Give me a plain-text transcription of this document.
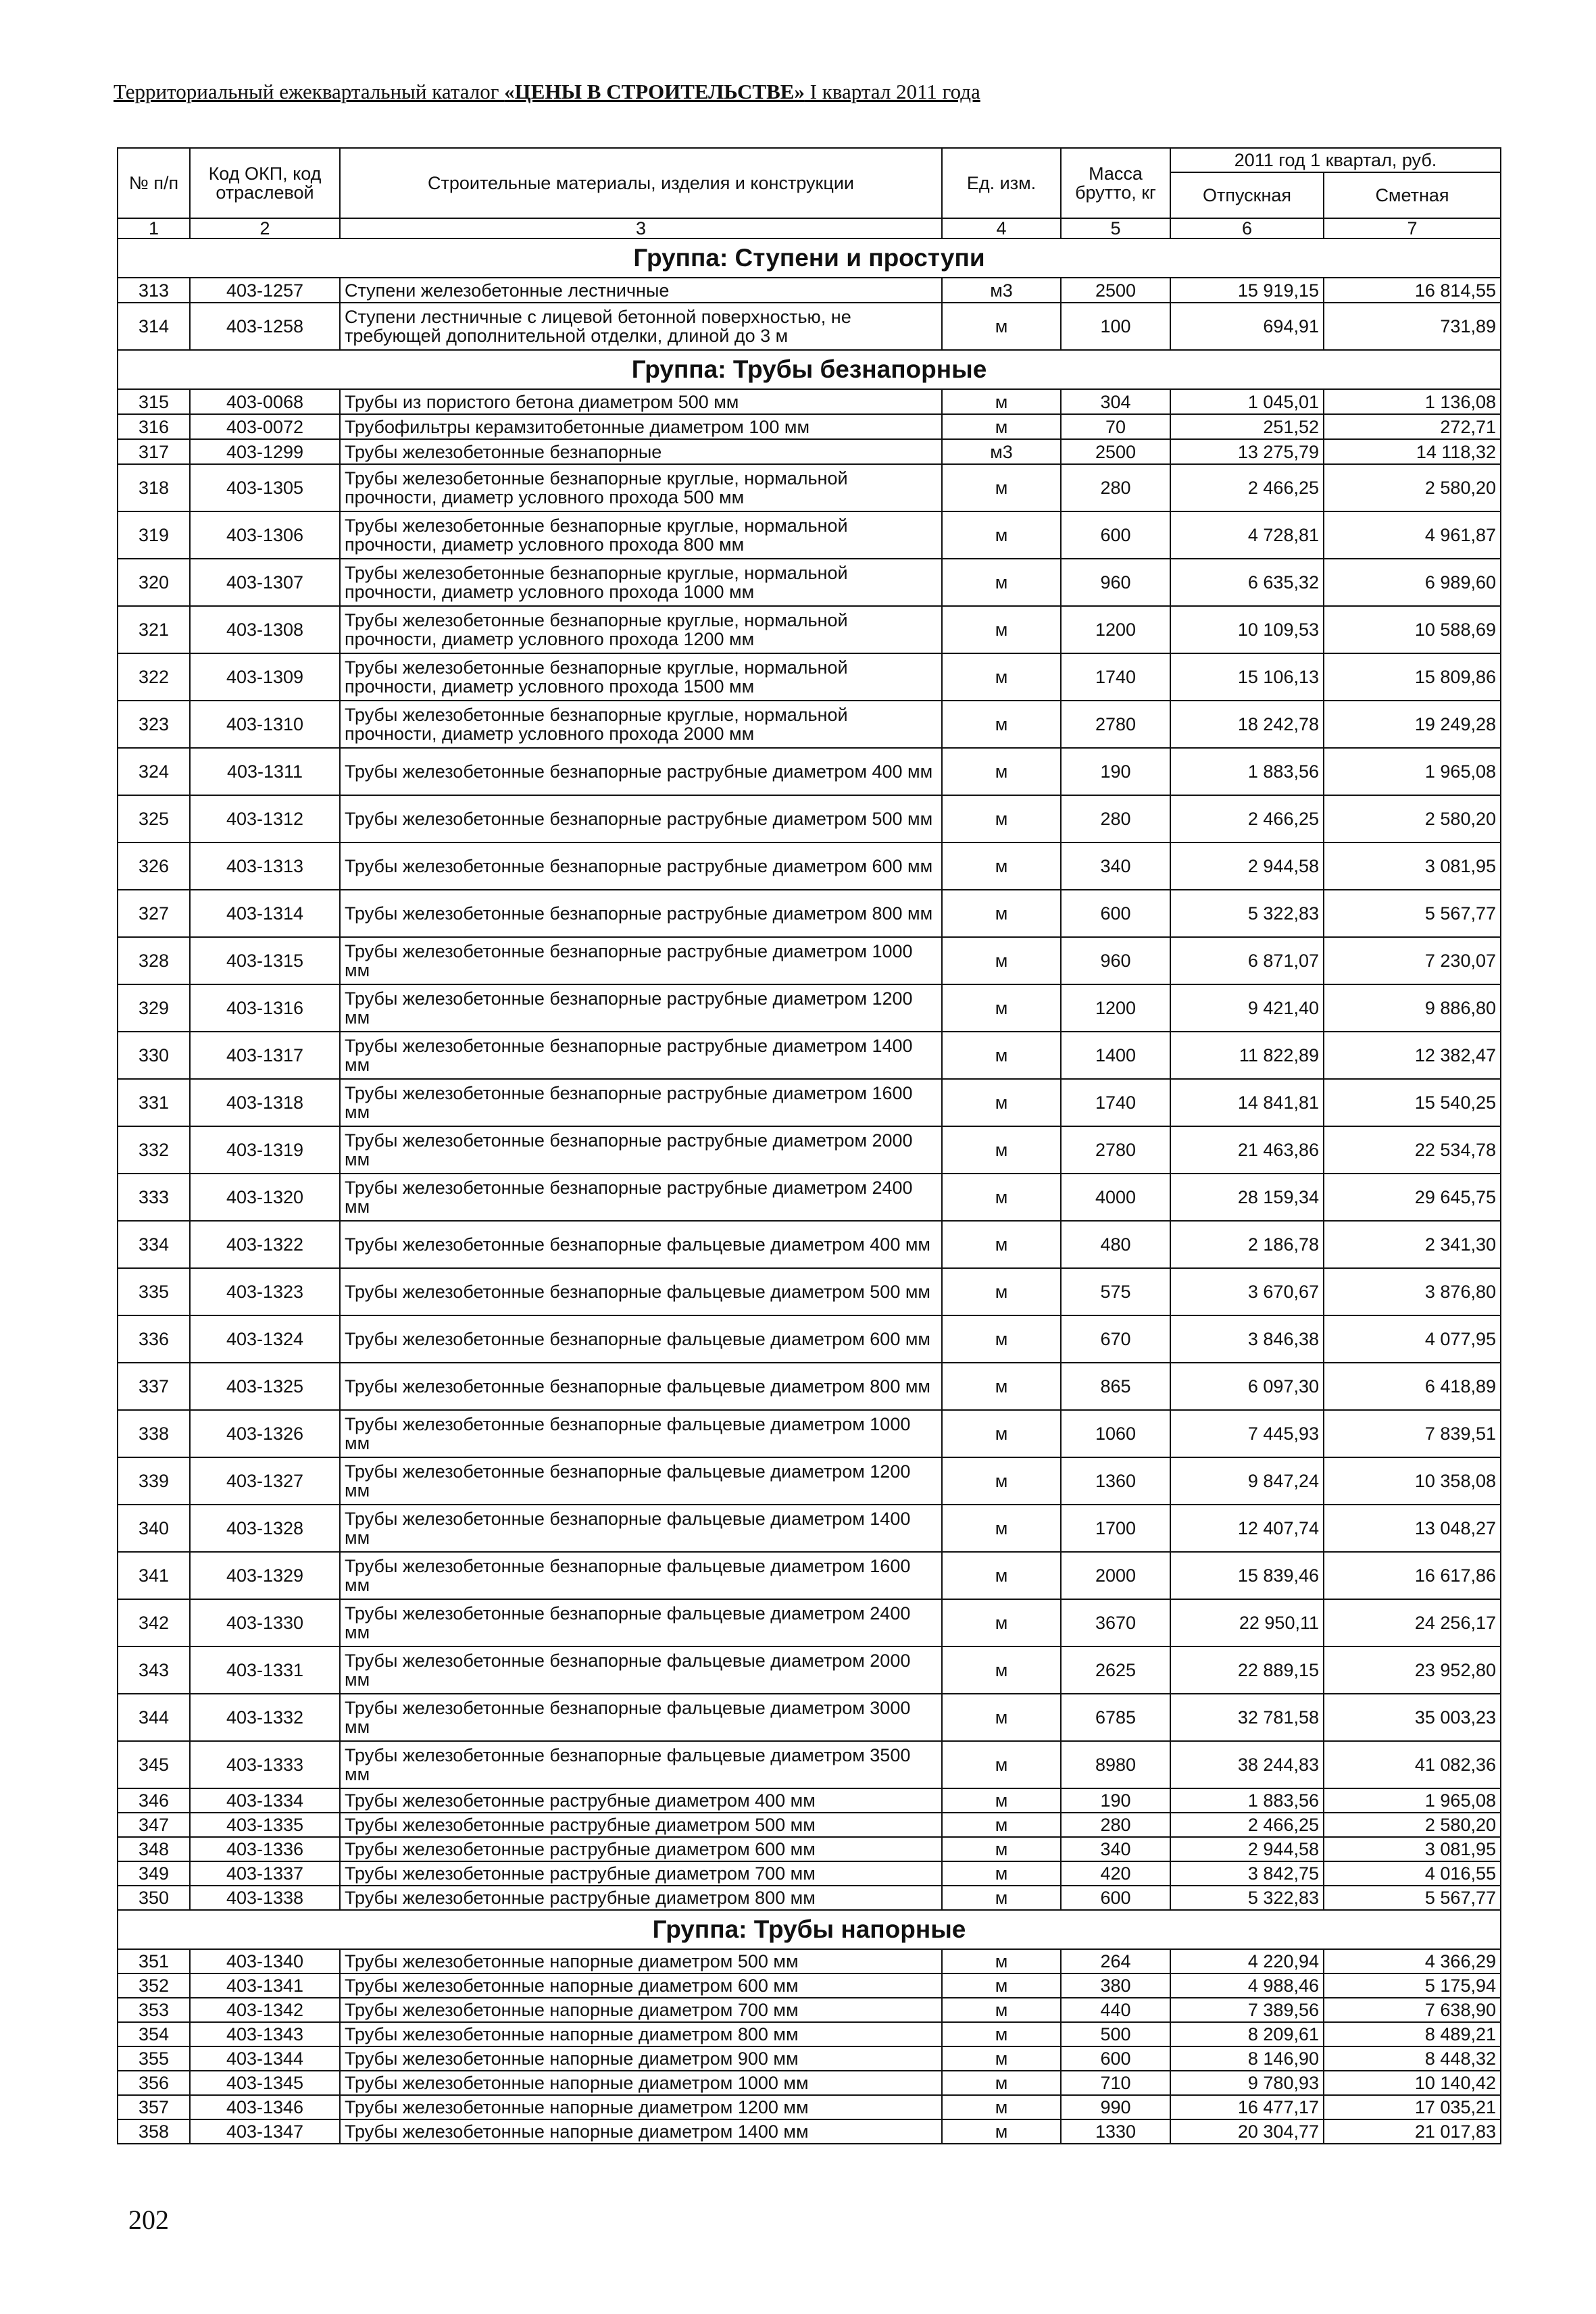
Территориальный ежеквартальный каталог «ЦЕНЫ В СТРОИТЕЛЬСТВЕ» I квартал 2011 года
№ п/п	Код ОКП, код отраслевой	Строительные материалы, изделия и конструкции	Ед. изм.	Масса брутто, кг	2011 год 1 квартал, руб.	
					Отпускная	Сметная
1	2	3	4	5	6	7
Группа: Ступени и проступи						
313	403-1257	Ступени железобетонные лестничные	м3	2500	15 919,15	16 814,55
314	403-1258	Ступени лестничные с лицевой бетонной поверхностью, не требующей дополнительной отделки, длиной до 3 м	м	100	694,91	731,89
Группа: Трубы безнапорные						
315	403-0068	Трубы из пористого бетона диаметром 500 мм	м	304	1 045,01	1 136,08
316	403-0072	Трубофильтры керамзитобетонные диаметром 100 мм	м	70	251,52	272,71
317	403-1299	Трубы железобетонные безнапорные	м3	2500	13 275,79	14 118,32
318	403-1305	Трубы железобетонные безнапорные круглые, нормальной прочности, диаметр условного прохода 500 мм	м	280	2 466,25	2 580,20
319	403-1306	Трубы железобетонные безнапорные круглые, нормальной прочности, диаметр условного прохода 800 мм	м	600	4 728,81	4 961,87
320	403-1307	Трубы железобетонные безнапорные круглые, нормальной прочности, диаметр условного прохода 1000 мм	м	960	6 635,32	6 989,60
321	403-1308	Трубы железобетонные безнапорные круглые, нормальной прочности, диаметр условного прохода 1200 мм	м	1200	10 109,53	10 588,69
322	403-1309	Трубы железобетонные безнапорные круглые, нормальной прочности, диаметр условного прохода 1500 мм	м	1740	15 106,13	15 809,86
323	403-1310	Трубы железобетонные безнапорные круглые, нормальной прочности, диаметр условного прохода 2000 мм	м	2780	18 242,78	19 249,28
324	403-1311	Трубы железобетонные безнапорные раструбные диаметром 400 мм	м	190	1 883,56	1 965,08
325	403-1312	Трубы железобетонные безнапорные раструбные диаметром 500 мм	м	280	2 466,25	2 580,20
326	403-1313	Трубы железобетонные безнапорные раструбные диаметром 600 мм	м	340	2 944,58	3 081,95
327	403-1314	Трубы железобетонные безнапорные раструбные диаметром 800 мм	м	600	5 322,83	5 567,77
328	403-1315	Трубы железобетонные безнапорные раструбные диаметром 1000 мм	м	960	6 871,07	7 230,07
329	403-1316	Трубы железобетонные безнапорные раструбные диаметром 1200 мм	м	1200	9 421,40	9 886,80
330	403-1317	Трубы железобетонные безнапорные раструбные диаметром 1400 мм	м	1400	11 822,89	12 382,47
331	403-1318	Трубы железобетонные безнапорные раструбные диаметром 1600 мм	м	1740	14 841,81	15 540,25
332	403-1319	Трубы железобетонные безнапорные раструбные диаметром 2000 мм	м	2780	21 463,86	22 534,78
333	403-1320	Трубы железобетонные безнапорные раструбные диаметром 2400 мм	м	4000	28 159,34	29 645,75
334	403-1322	Трубы железобетонные безнапорные фальцевые диаметром 400 мм	м	480	2 186,78	2 341,30
335	403-1323	Трубы железобетонные безнапорные фальцевые диаметром 500 мм	м	575	3 670,67	3 876,80
336	403-1324	Трубы железобетонные безнапорные фальцевые диаметром 600 мм	м	670	3 846,38	4 077,95
337	403-1325	Трубы железобетонные безнапорные фальцевые диаметром 800 мм	м	865	6 097,30	6 418,89
338	403-1326	Трубы железобетонные безнапорные фальцевые диаметром 1000 мм	м	1060	7 445,93	7 839,51
339	403-1327	Трубы железобетонные безнапорные фальцевые диаметром 1200 мм	м	1360	9 847,24	10 358,08
340	403-1328	Трубы железобетонные безнапорные фальцевые диаметром 1400 мм	м	1700	12 407,74	13 048,27
341	403-1329	Трубы железобетонные безнапорные фальцевые диаметром 1600 мм	м	2000	15 839,46	16 617,86
342	403-1330	Трубы железобетонные безнапорные фальцевые диаметром 2400 мм	м	3670	22 950,11	24 256,17
343	403-1331	Трубы железобетонные безнапорные фальцевые диаметром 2000 мм	м	2625	22 889,15	23 952,80
344	403-1332	Трубы железобетонные безнапорные фальцевые диаметром 3000 мм	м	6785	32 781,58	35 003,23
345	403-1333	Трубы железобетонные безнапорные фальцевые диаметром 3500 мм	м	8980	38 244,83	41 082,36
346	403-1334	Трубы железобетонные раструбные диаметром 400 мм	м	190	1 883,56	1 965,08
347	403-1335	Трубы железобетонные раструбные диаметром 500 мм	м	280	2 466,25	2 580,20
348	403-1336	Трубы железобетонные раструбные диаметром 600 мм	м	340	2 944,58	3 081,95
349	403-1337	Трубы железобетонные раструбные диаметром 700 мм	м	420	3 842,75	4 016,55
350	403-1338	Трубы железобетонные раструбные диаметром 800 мм	м	600	5 322,83	5 567,77
Группа: Трубы напорные						
351	403-1340	Трубы железобетонные напорные диаметром 500 мм	м	264	4 220,94	4 366,29
352	403-1341	Трубы железобетонные напорные диаметром 600 мм	м	380	4 988,46	5 175,94
353	403-1342	Трубы железобетонные напорные диаметром 700 мм	м	440	7 389,56	7 638,90
354	403-1343	Трубы железобетонные напорные диаметром 800 мм	м	500	8 209,61	8 489,21
355	403-1344	Трубы железобетонные напорные диаметром 900 мм	м	600	8 146,90	8 448,32
356	403-1345	Трубы железобетонные напорные диаметром 1000 мм	м	710	9 780,93	10 140,42
357	403-1346	Трубы железобетонные напорные диаметром 1200 мм	м	990	16 477,17	17 035,21
358	403-1347	Трубы железобетонные напорные диаметром 1400 мм	м	1330	20 304,77	21 017,83
202
